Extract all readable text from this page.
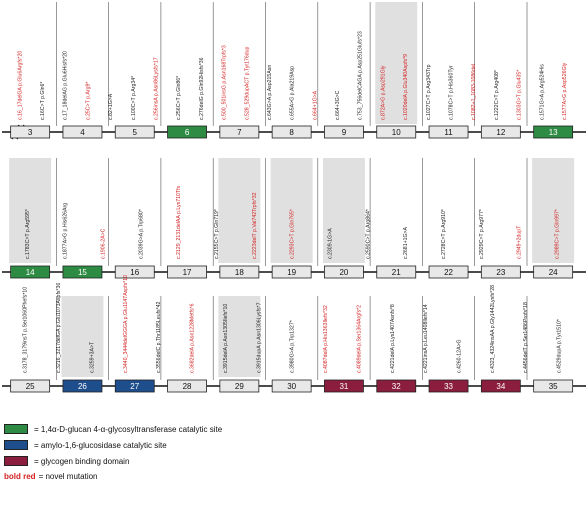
3	4	5	6	7	8	9	10	11	12	13
c.16_17delGA p.Glu6Argfs*20	c.16C>T p.Gln6*	c.17_18delAG p.Glu6Hisfs*20	c.25C>T p.Arg9*	c.82+1G>A	c.100C>T p.Arg34*	c.256insA p.Asn86Lysfs*17	c.256C>T p.Gln86*	c.276delG p.Gln92Hisfs*36	c.500_501insG p.Asn168Trpfs*3	c.528_529dupACT p.Tyr176dup	c.643G>A p.Asp215Asn	c.655A>G p.Ala219Asp	c.664+1G>A	c.664+3G>C	c.753_756delCAGA p.Asp251Glufs*23	c.872A>G p.Asp291Gly	c.1020delA p.Glu340Aspfs*9	c.1027C>T p.Arg343Trp	c.1078C>T p.His360Tyr	c.1082+1_1083-1086del	c.1222C>T p.Arg408*	c.1303G>T p.Glu435*	c.1571G>A p.Arg524His	c.1577A>G p.Asp526Gly
14	15	16	17	18	19	20	21	22	23	24
c.1783C>T p.Arg595*	c.1877A>G p.His626Arg	c.1906-2A>C	c.2039G>A p.Trp680*	c.2129_2131delAA p.Lys710Tfs	c.2155C>T p.Gln719*	c.2223delT p.Val742Trpfs*32	c.2293C>T p.Gln765*	c.2309-1G>A	c.2590C>T p.Arg864*	c.2681+1G>A	c.2728C>T p.Arg910*	c.2929C>T p.Arg977*	c.2949+2dupT	c.2989C>T p.Gln997*
25	26	27	28	29	30	31	32	33	34	35
c.3178_3179insT p.Ser1060Phefs*10	c.3216_3217delGA p.Glu1073Aspfs*36	c.3259+3A>T	c.3440_3444delGGGA p.Glu1147Aspfs*10	c.3556delC p.Thr1185Leufs*42	c.3682delA p.Asn1228Metfs*6	c.3915delA p.Asn1305Ilefs*10	c.3915dupA p.Asn1306Lysfs*7	c.3980G>A p.Trp1327*	c.4087delA p.His1363Ilefs*32	c.4089delA p.Ser1364Argfs*2	c.4221delA p.Lys1407Asnfs*8	c.4221insA p.Leu1408Ilefs*14	c.4260-12A>G	c.4323_4324insAA p.Gly1442Lysfs*28	c.4456delT p.Ser1486Profs*18	c.4529dupA p.Tyr1510*
= 1,4α-D-glucan 4-α-glycosyltransferase catalytic site
= amylo-1,6-glucosidase catalytic site
= glycogen binding domain
bold red = novel mutation
